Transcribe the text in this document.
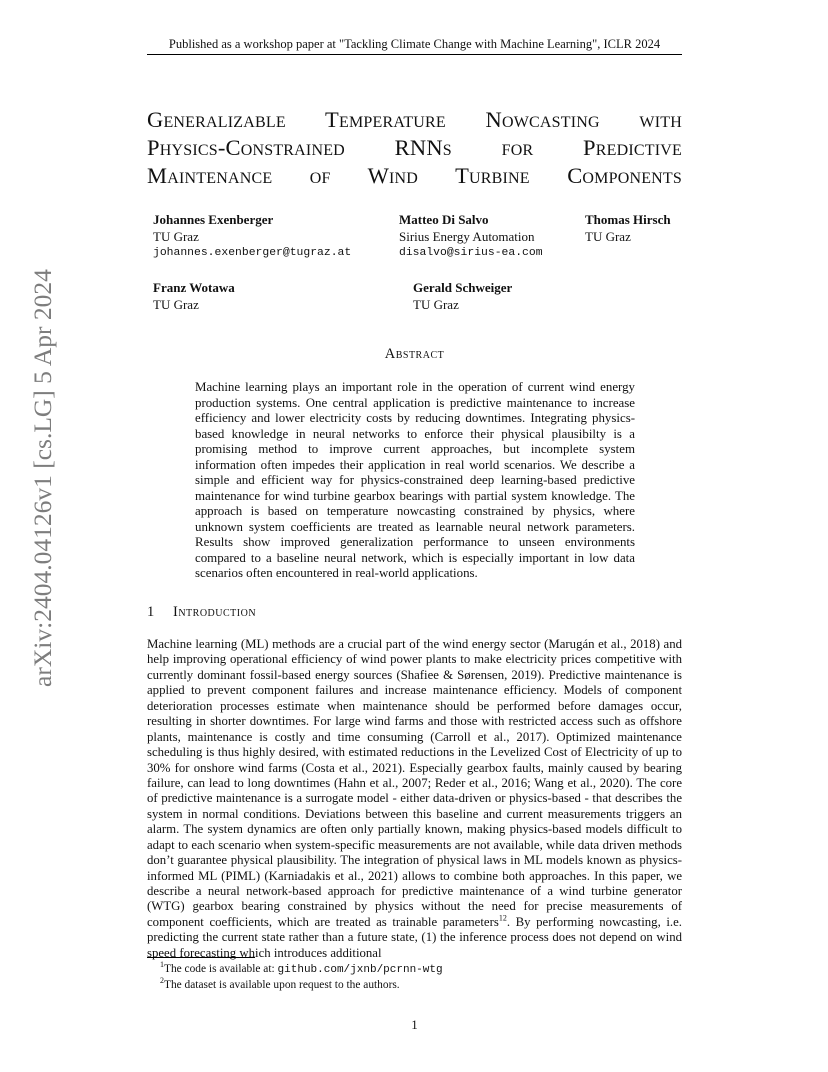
Published as a workshop paper at "Tackling Climate Change with Machine Learning", ICLR 2024
arXiv:2404.04126v1 [cs.LG] 5 Apr 2024
Generalizable Temperature Nowcasting with
Physics-Constrained RNNs for Predictive
Maintenance of Wind Turbine Components
Johannes Exenberger
TU Graz
johannes.exenberger@tugraz.at
Matteo Di Salvo
Sirius Energy Automation
disalvo@sirius-ea.com
Thomas Hirsch
TU Graz
Franz Wotawa
TU Graz
Gerald Schweiger
TU Graz
Abstract
Machine learning plays an important role in the operation of current wind energy production systems. One central application is predictive maintenance to increase efficiency and lower electricity costs by reducing downtimes. Integrating physics-based knowledge in neural networks to enforce their physical plausibilty is a promising method to improve current approaches, but incomplete system information often impedes their application in real world scenarios. We describe a simple and efficient way for physics-constrained deep learning-based predictive maintenance for wind turbine gearbox bearings with partial system knowledge. The approach is based on temperature nowcasting constrained by physics, where unknown system coefficients are treated as learnable neural network parameters. Results show improved generalization performance to unseen environments compared to a baseline neural network, which is especially important in low data scenarios often encountered in real-world applications.
1 Introduction
Machine learning (ML) methods are a crucial part of the wind energy sector (Marugán et al., 2018) and help improving operational efficiency of wind power plants to make electricity prices competitive with currently dominant fossil-based energy sources (Shafiee & Sørensen, 2019). Predictive maintenance is applied to prevent component failures and increase maintenance efficiency. Models of component deterioration processes estimate when maintenance should be performed before damages occur, resulting in shorter downtimes. For large wind farms and those with restricted access such as offshore plants, maintenance is costly and time consuming (Carroll et al., 2017). Optimized maintenance scheduling is thus highly desired, with estimated reductions in the Levelized Cost of Electricity of up to 30% for onshore wind farms (Costa et al., 2021). Especially gearbox faults, mainly caused by bearing failure, can lead to long downtimes (Hahn et al., 2007; Reder et al., 2016; Wang et al., 2020). The core of predictive maintenance is a surrogate model - either data-driven or physics-based - that describes the system in normal conditions. Deviations between this baseline and current measurements triggers an alarm. The system dynamics are often only partially known, making physics-based models difficult to adapt to each scenario when system-specific measurements are not available, while data driven methods don’t guarantee physical plausibility. The integration of physical laws in ML models known as physics-informed ML (PIML) (Karniadakis et al., 2021) allows to combine both approaches. In this paper, we describe a neural network-based approach for predictive maintenance of a wind turbine generator (WTG) gearbox bearing constrained by physics without the need for precise measurements of component coefficients, which are treated as trainable parameters$^{12}$. By performing nowcasting, i.e. predicting the current state rather than a future state, (1) the inference process does not depend on wind speed forecasting which introduces additional
$^1$The code is available at: github.com/jxnb/pcrnn-wtg
$^2$The dataset is available upon request to the authors.
1
